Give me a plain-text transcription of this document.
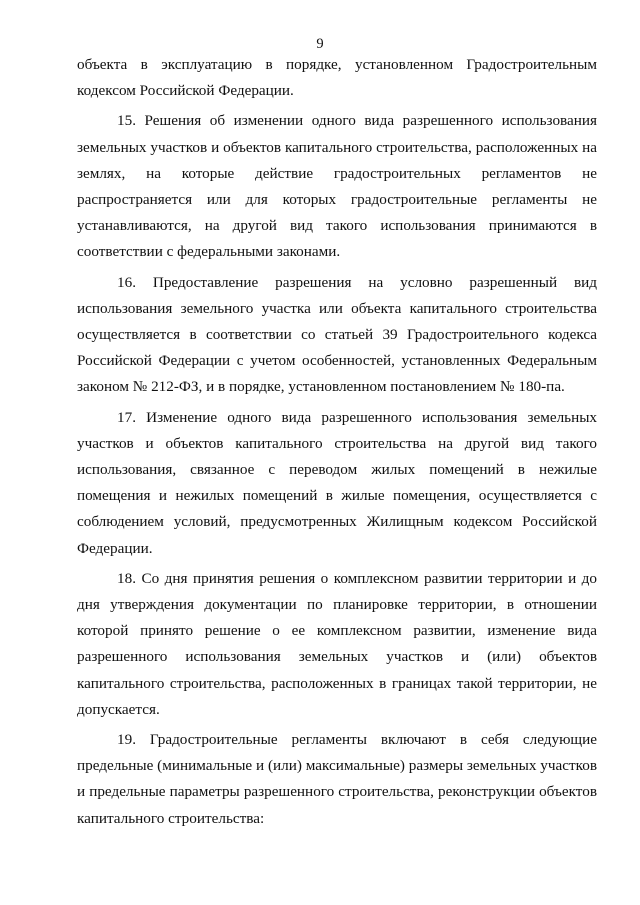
9

объекта в эксплуатацию в порядке, установленном Градостроительным кодексом Российской Федерации.

15. Решения об изменении одного вида разрешенного использования земельных участков и объектов капитального строительства, расположенных на землях, на которые действие градостроительных регламентов не распространяется или для которых градостроительные регламенты не устанавливаются, на другой вид такого использования принимаются в соответствии с федеральными законами.

16. Предоставление разрешения на условно разрешенный вид использования земельного участка или объекта капитального строительства осуществляется в соответствии со статьей 39 Градостроительного кодекса Российской Федерации с учетом особенностей, установленных Федеральным законом № 212-ФЗ, и в порядке, установленном постановлением № 180-па.

17. Изменение одного вида разрешенного использования земельных участков и объектов капитального строительства на другой вид такого использования, связанное с переводом жилых помещений в нежилые помещения и нежилых помещений в жилые помещения, осуществляется с соблюдением условий, предусмотренных Жилищным кодексом Российской Федерации.

18. Со дня принятия решения о комплексном развитии территории и до дня утверждения документации по планировке территории, в отношении которой принято решение о ее комплексном развитии, изменение вида разрешенного использования земельных участков и (или) объектов капитального строительства, расположенных в границах такой территории, не допускается.

19. Градостроительные регламенты включают в себя следующие предельные (минимальные и (или) максимальные) размеры земельных участков и предельные параметры разрешенного строительства, реконструкции объектов капитального строительства:
